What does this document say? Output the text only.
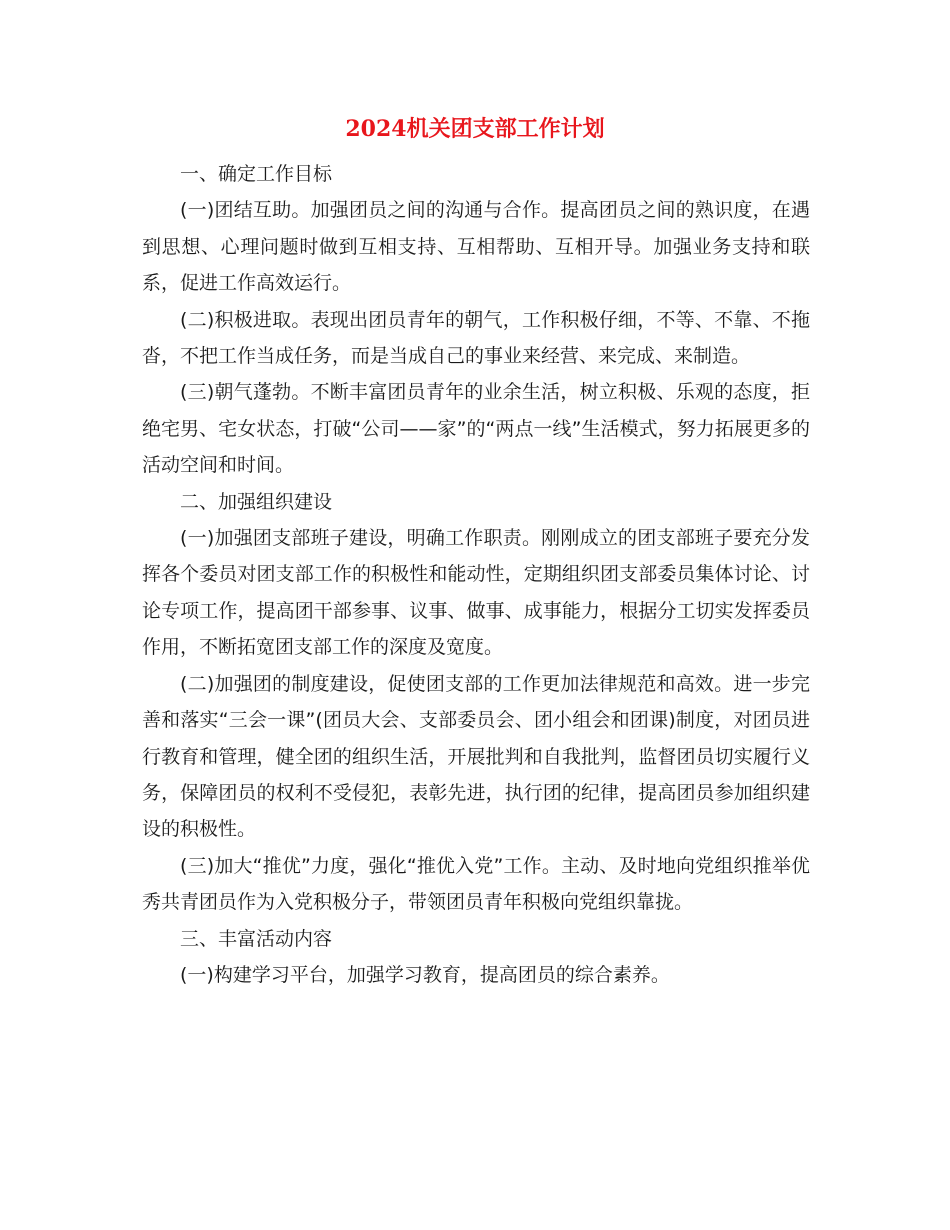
2024机关团支部工作计划

一、确定工作目标

(一)团结互助。加强团员之间的沟通与合作。提高团员之间的熟识度，在遇到思想、心理问题时做到互相支持、互相帮助、互相开导。加强业务支持和联系，促进工作高效运行。

(二)积极进取。表现出团员青年的朝气，工作积极仔细，不等、不靠、不拖沓，不把工作当成任务，而是当成自己的事业来经营、来完成、来制造。

(三)朝气蓬勃。不断丰富团员青年的业余生活，树立积极、乐观的态度，拒绝宅男、宅女状态，打破“公司——家”的“两点一线”生活模式，努力拓展更多的活动空间和时间。

二、加强组织建设

(一)加强团支部班子建设，明确工作职责。刚刚成立的团支部班子要充分发挥各个委员对团支部工作的积极性和能动性，定期组织团支部委员集体讨论、讨论专项工作，提高团干部参事、议事、做事、成事能力，根据分工切实发挥委员作用，不断拓宽团支部工作的深度及宽度。

(二)加强团的制度建设，促使团支部的工作更加法律规范和高效。进一步完善和落实“三会一课”(团员大会、支部委员会、团小组会和团课)制度，对团员进行教育和管理，健全团的组织生活，开展批判和自我批判，监督团员切实履行义务，保障团员的权利不受侵犯，表彰先进，执行团的纪律，提高团员参加组织建设的积极性。

(三)加大“推优”力度，强化“推优入党”工作。主动、及时地向党组织推举优秀共青团员作为入党积极分子，带领团员青年积极向党组织靠拢。

三、丰富活动内容

(一)构建学习平台，加强学习教育，提高团员的综合素养。
